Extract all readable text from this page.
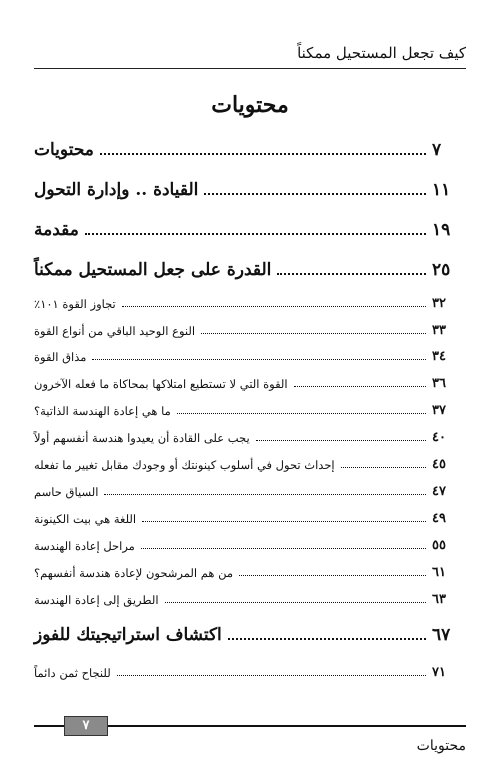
كيف تجعل المستحيل ممكناً
محتويات
محتويات	٧
القيادة .. وإدارة التحول	١١
مقدمة	١٩
القدرة على جعل المستحيل ممكناً	٢٥
تجاوز القوة ١٠١٪	٣٢
النوع الوحيد الباقي من أنواع القوة	٣٣
مذاق القوة	٣٤
القوة التي لا تستطيع امتلاكها بمحاكاة ما فعله الآخرون	٣٦
ما هي إعادة الهندسة الذاتية؟	٣٧
يجب على القادة أن يعيدوا هندسة أنفسهم أولاً	٤٠
إحداث تحول في أسلوب كينونتك أو وجودك مقابل تغيير ما تفعله	٤٥
السياق حاسم	٤٧
اللغة هي بيت الكينونة	٤٩
مراحل إعادة الهندسة	٥٥
من هم المرشحون لإعادة هندسة أنفسهم؟	٦١
الطريق إلى إعادة الهندسة	٦٣
اكتشاف استراتيجيتك للفوز	٦٧
للنجاح ثمن دائماً	٧١
٧
محتويات
